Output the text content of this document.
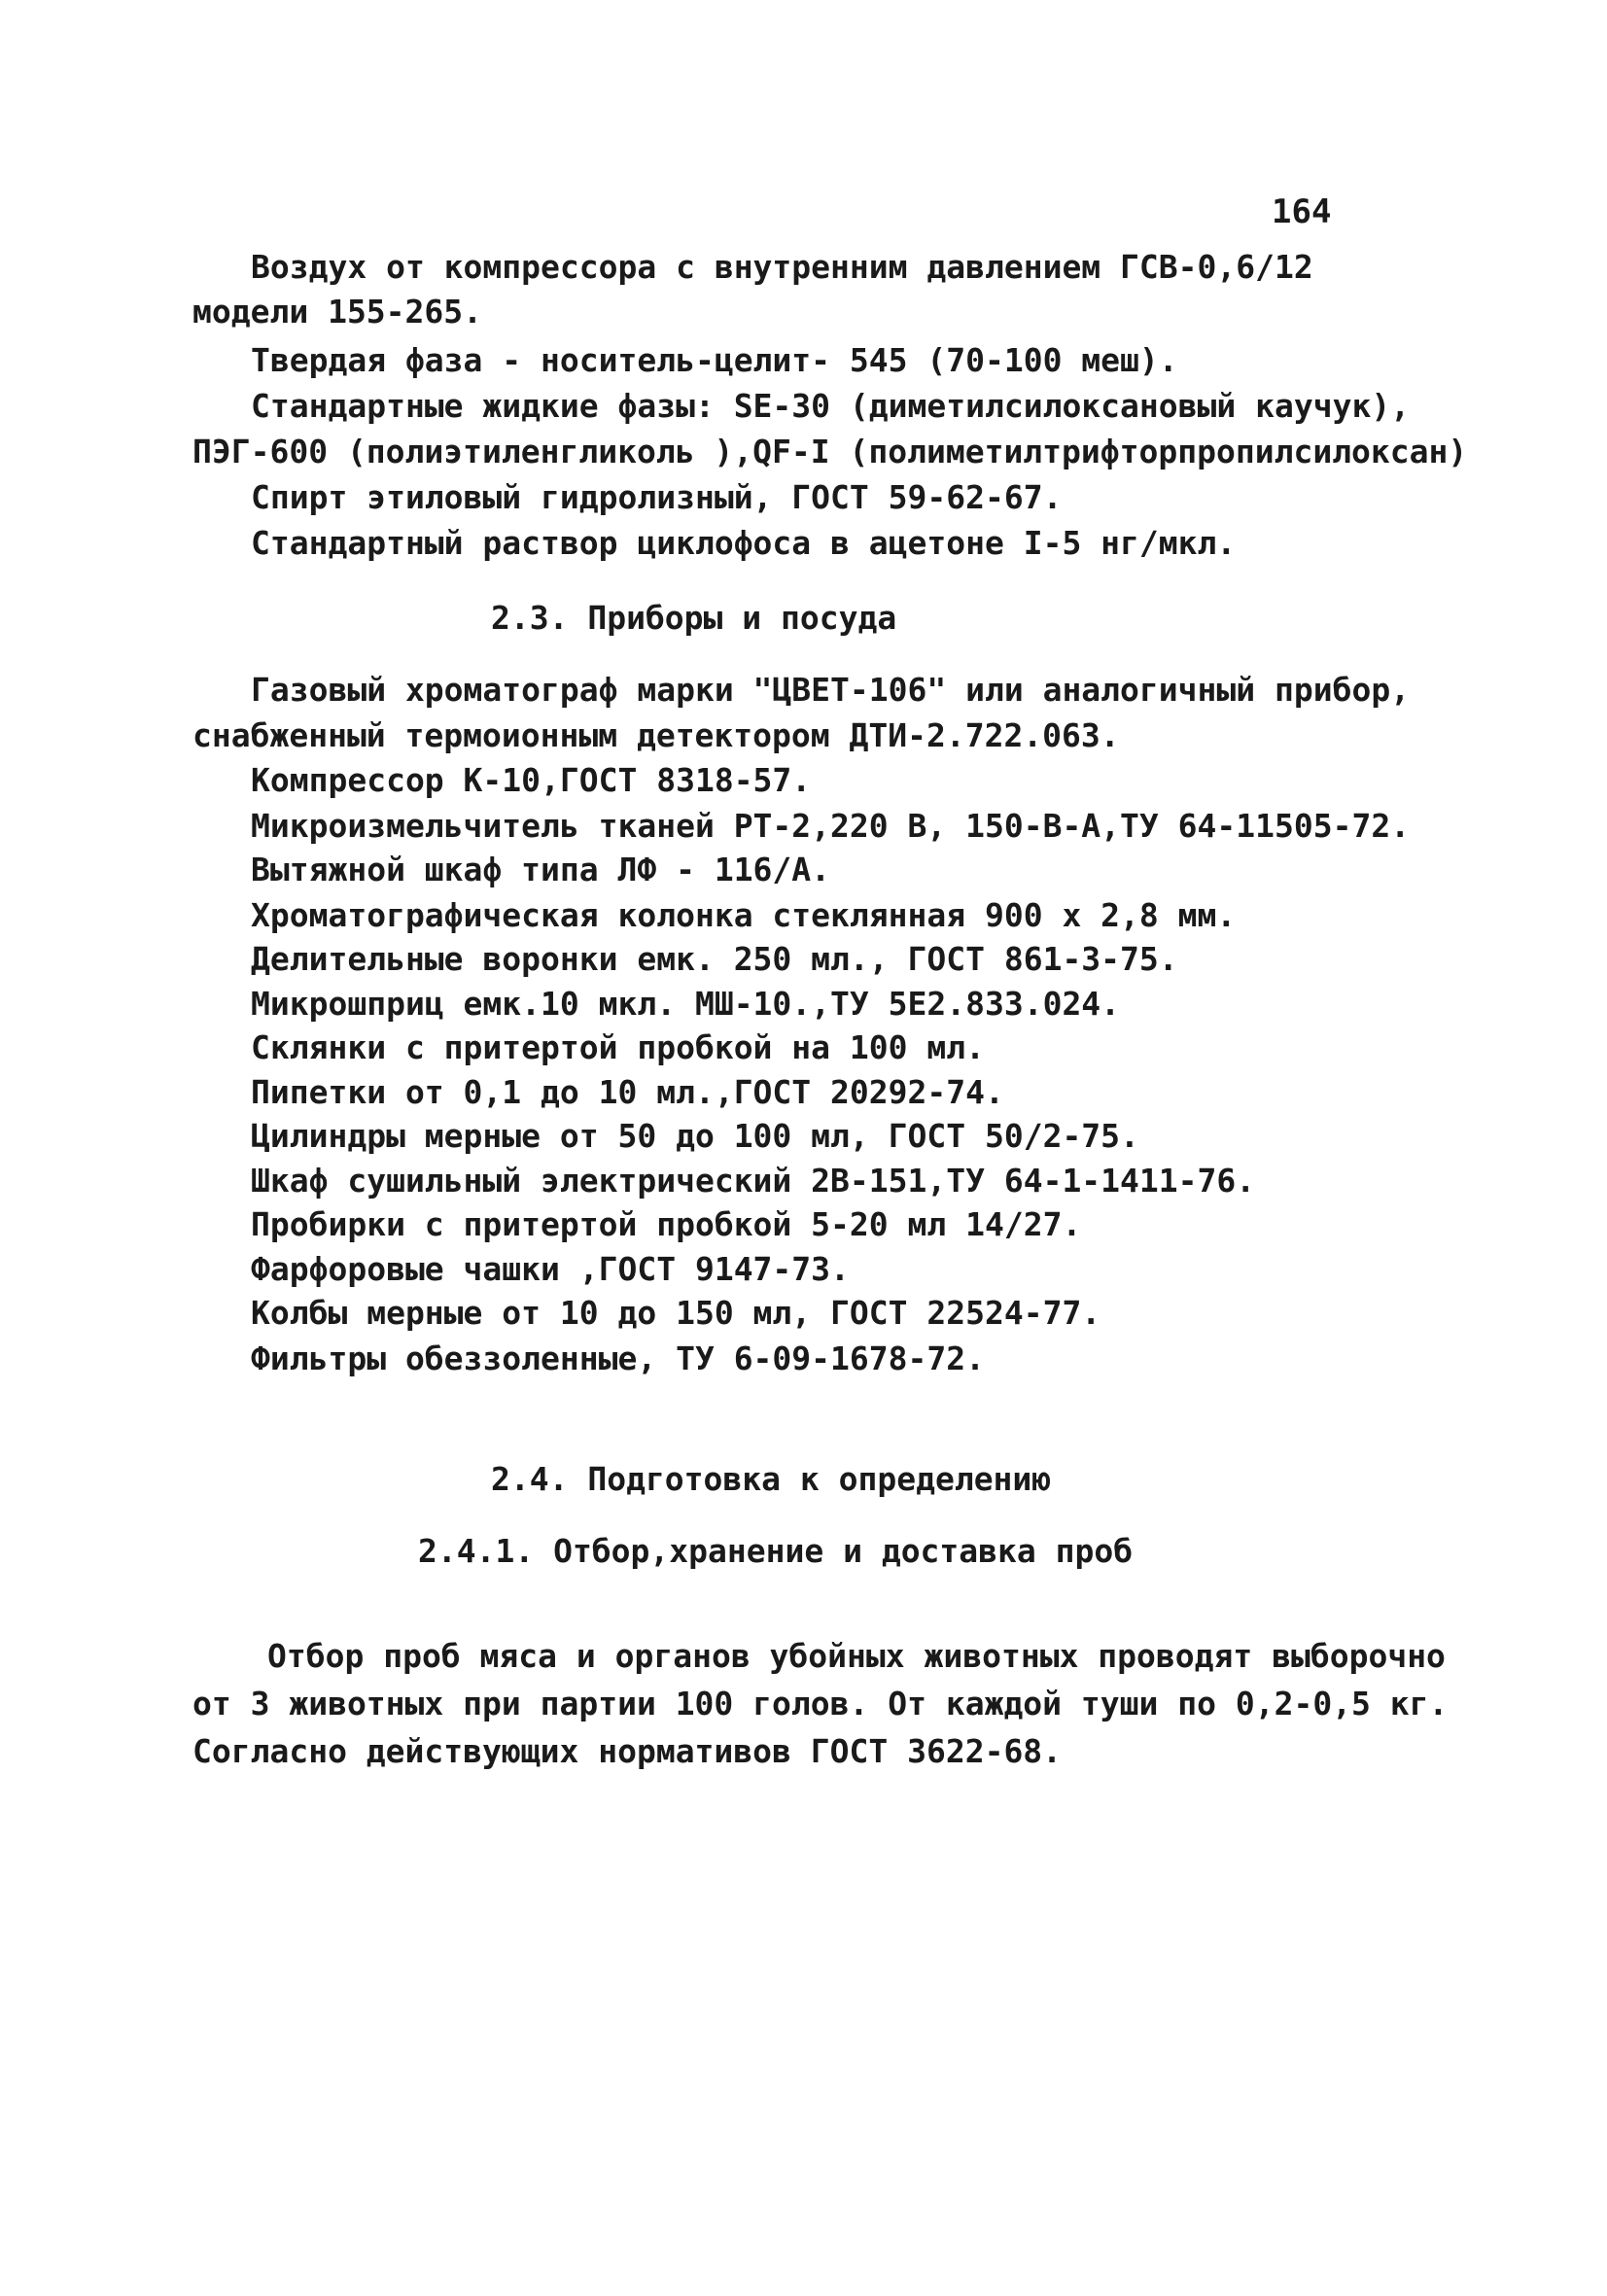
164
Воздух от компрессора с внутренним давлением ГСВ-0,6/12
модели 155-265.
Твердая фаза - носитель-целит- 545 (70-100 меш).
Стандартные жидкие фазы: SE-30 (диметилсилоксановый каучук),
ПЭГ-600 (полиэтиленгликоль ),QF-I (полиметилтрифторпропилсилоксан)
Спирт этиловый гидролизный, ГОСТ 59-62-67.
Стандартный раствор циклофоса в ацетоне I-5 нг/мкл.
2.3. Приборы и посуда
Газовый хроматограф марки "ЦВЕТ-106" или аналогичный прибор,
снабженный термоионным детектором ДТИ-2.722.063.
Компрессор К-10,ГОСТ 8318-57.
Микроизмельчитель тканей РТ-2,220 В, 150-В-А,ТУ 64-11505-72.
Вытяжной шкаф типа ЛФ - 116/А.
Хроматографическая колонка стеклянная 900 х 2,8 мм.
Делительные воронки емк. 250 мл., ГОСТ 861-3-75.
Микрошприц емк.10 мкл. МШ-10.,ТУ 5Е2.833.024.
Склянки с притертой пробкой на 100 мл.
Пипетки от 0,1 до 10 мл.,ГОСТ 20292-74.
Цилиндры мерные от 50 до 100 мл, ГОСТ 50/2-75.
Шкаф сушильный электрический 2В-151,ТУ 64-1-1411-76.
Пробирки с притертой пробкой 5-20 мл 14/27.
Фарфоровые чашки ,ГОСТ 9147-73.
Колбы мерные от 10 до 150 мл, ГОСТ 22524-77.
Фильтры обеззоленные, ТУ 6-09-1678-72.
2.4. Подготовка к определению
2.4.1. Отбор,хранение и доставка проб
Отбор проб мяса и органов убойных животных проводят выборочно
от 3 животных при партии 100 голов. От каждой туши по 0,2-0,5 кг.
Согласно действующих нормативов ГОСТ 3622-68.
